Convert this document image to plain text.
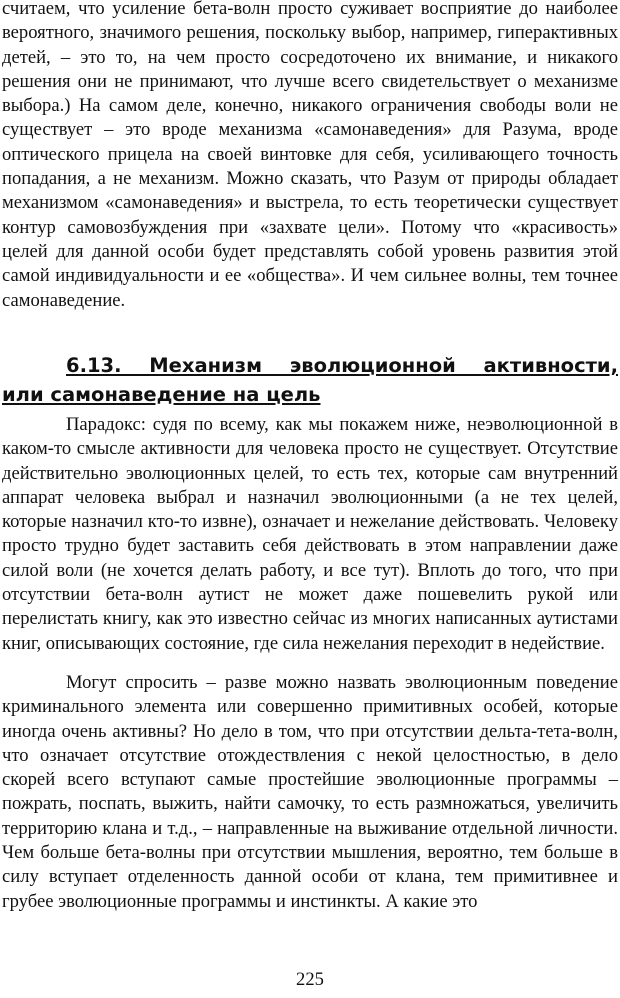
считаем, что усиление бета-волн просто суживает восприятие до наиболее вероятного, значимого решения, поскольку выбор, например, гиперактивных детей, – это то, на чем просто сосредоточено их внимание, и никакого решения они не принимают, что лучше всего свидетельствует о механизме выбора.) На самом деле, конечно, никакого ограничения свободы воли не существует – это вроде механизма «самонаведения» для Разума, вроде оптического прицела на своей винтовке для себя, усиливающего точность попадания, а не механизм. Можно сказать, что Разум от природы обладает механизмом «самонаведения» и выстрела, то есть теоретически существует контур самовозбуждения при «захвате цели». Потому что «красивость» целей для данной особи будет представлять собой уровень развития этой самой индивидуальности и ее «общества». И чем сильнее волны, тем точнее самонаведение.

6.13. Механизм эволюционной активности,
или самонаведение на цель

Парадокс: судя по всему, как мы покажем ниже, неэволюционной в каком-то смысле активности для человека просто не существует. Отсутствие действительно эволюционных целей, то есть тех, которые сам внутренний аппарат человека выбрал и назначил эволюционными (а не тех целей, которые назначил кто-то извне), означает и нежелание действовать. Человеку просто трудно будет заставить себя действовать в этом направлении даже силой воли (не хочется делать работу, и все тут). Вплоть до того, что при отсутствии бета-волн аутист не может даже пошевелить рукой или перелистать книгу, как это известно сейчас из многих написанных аутистами книг, описывающих состояние, где сила нежелания переходит в недействие.

Могут спросить – разве можно назвать эволюционным поведение криминального элемента или совершенно примитивных особей, которые иногда очень активны? Но дело в том, что при отсутствии дельта-тета-волн, что означает отсутствие отождествления с некой целостностью, в дело скорей всего вступают самые простейшие эволюционные программы – пожрать, поспать, выжить, найти самочку, то есть размножаться, увеличить территорию клана и т.д., – направленные на выживание отдельной личности. Чем больше бета-волны при отсутствии мышления, вероятно, тем больше в силу вступает отделенность данной особи от клана, тем примитивнее и грубее эволюционные программы и инстинкты. А какие это

225
